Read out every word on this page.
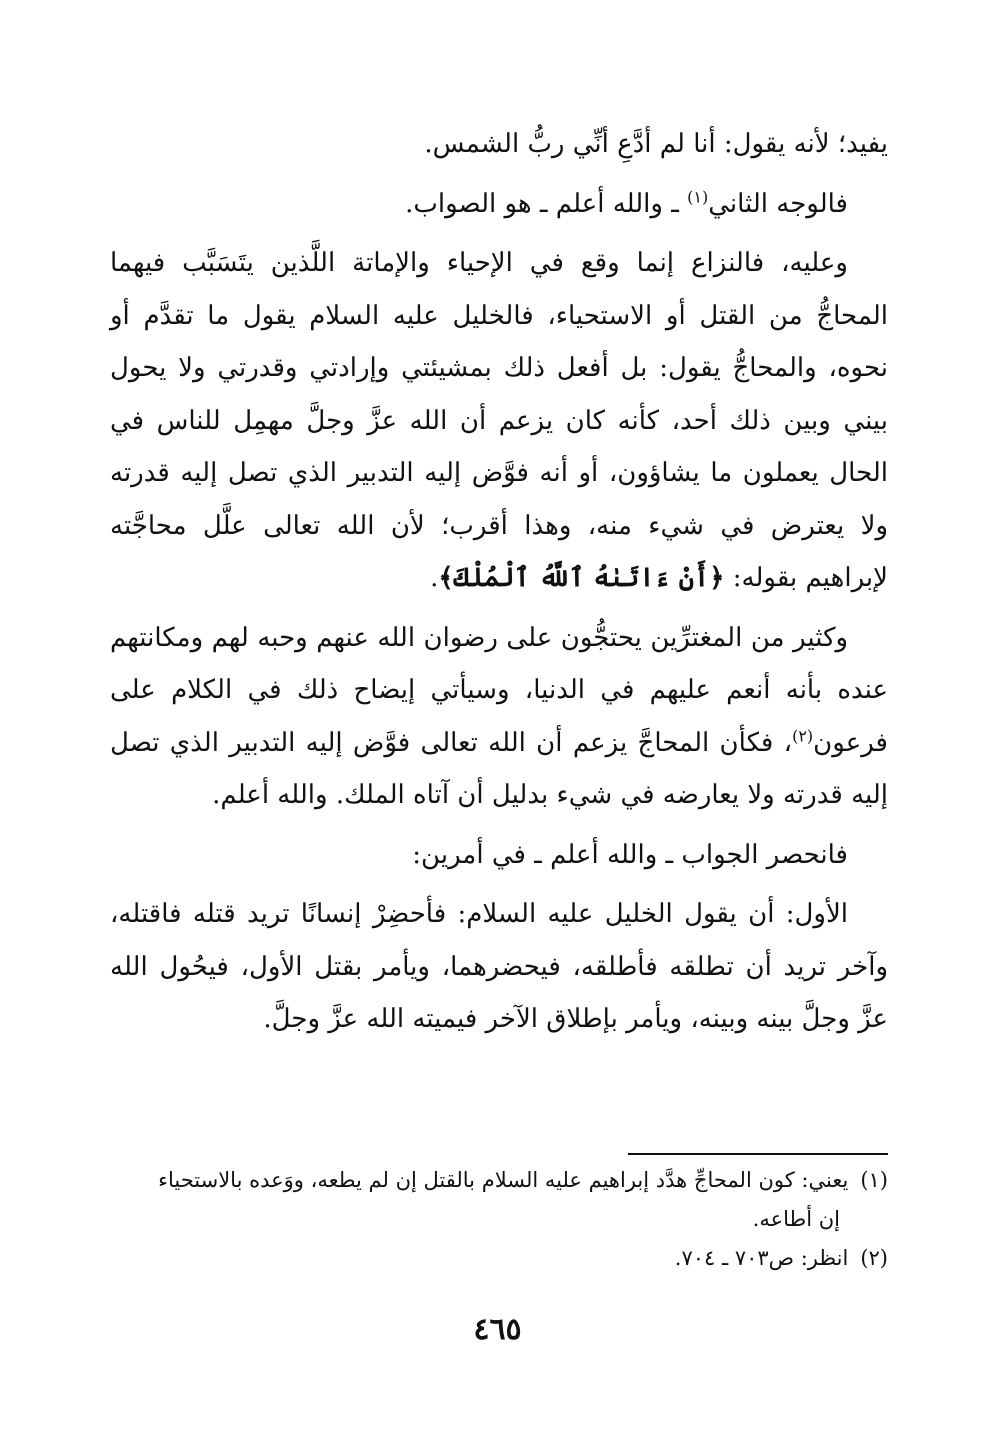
يفيد؛ لأنه يقول: أنا لم أدَّعِ أنِّي ربُّ الشمس.

فالوجه الثاني$^{(١)}$ ـ والله أعلم ـ هو الصواب.

وعليه، فالنزاع إنما وقع في الإحياء والإماتة اللَّذين يتَسَبَّب فيهما المحاجُّ من القتل أو الاستحياء، فالخليل عليه السلام يقول ما تقدَّم أو نحوه، والمحاجُّ يقول: بل أفعل ذلك بمشيئتي وإرادتي وقدرتي ولا يحول بيني وبين ذلك أحد، كأنه كان يزعم أن الله عزَّ وجلَّ مهمِل للناس في الحال يعملون ما يشاؤون، أو أنه فوَّض إليه التدبير الذي تصل إليه قدرته ولا يعترض في شيء منه، وهذا أقرب؛ لأن الله تعالى علَّل محاجَّته لإبراهيم بقوله: ﴿أَنْ ءَاتَىٰهُ ٱللَّهُ ٱلْمُلْكَ﴾.

وكثير من المغترِّين يحتجُّون على رضوان الله عنهم وحبه لهم ومكانتهم عنده بأنه أنعم عليهم في الدنيا، وسيأتي إيضاح ذلك في الكلام على فرعون$^{(٢)}$، فكأن المحاجَّ يزعم أن الله تعالى فوَّض إليه التدبير الذي تصل إليه قدرته ولا يعارضه في شيء بدليل أن آتاه الملك. والله أعلم.

فانحصر الجواب ـ والله أعلم ـ في أمرين:

الأول: أن يقول الخليل عليه السلام: فأحضِرْ إنسانًا تريد قتله فاقتله، وآخر تريد أن تطلقه فأطلقه، فيحضرهما، ويأمر بقتل الأول، فيحُول الله عزَّ وجلَّ بينه وبينه، ويأمر بإطلاق الآخر فيميته الله عزَّ وجلَّ.

(١)يعني: كون المحاجِّ هدَّد إبراهيم عليه السلام بالقتل إن لم يطعه، ووَعده بالاستحياء

إن أطاعه.

(٢)انظر: ص٧٠٣ ـ ٧٠٤.

٤٦٥
